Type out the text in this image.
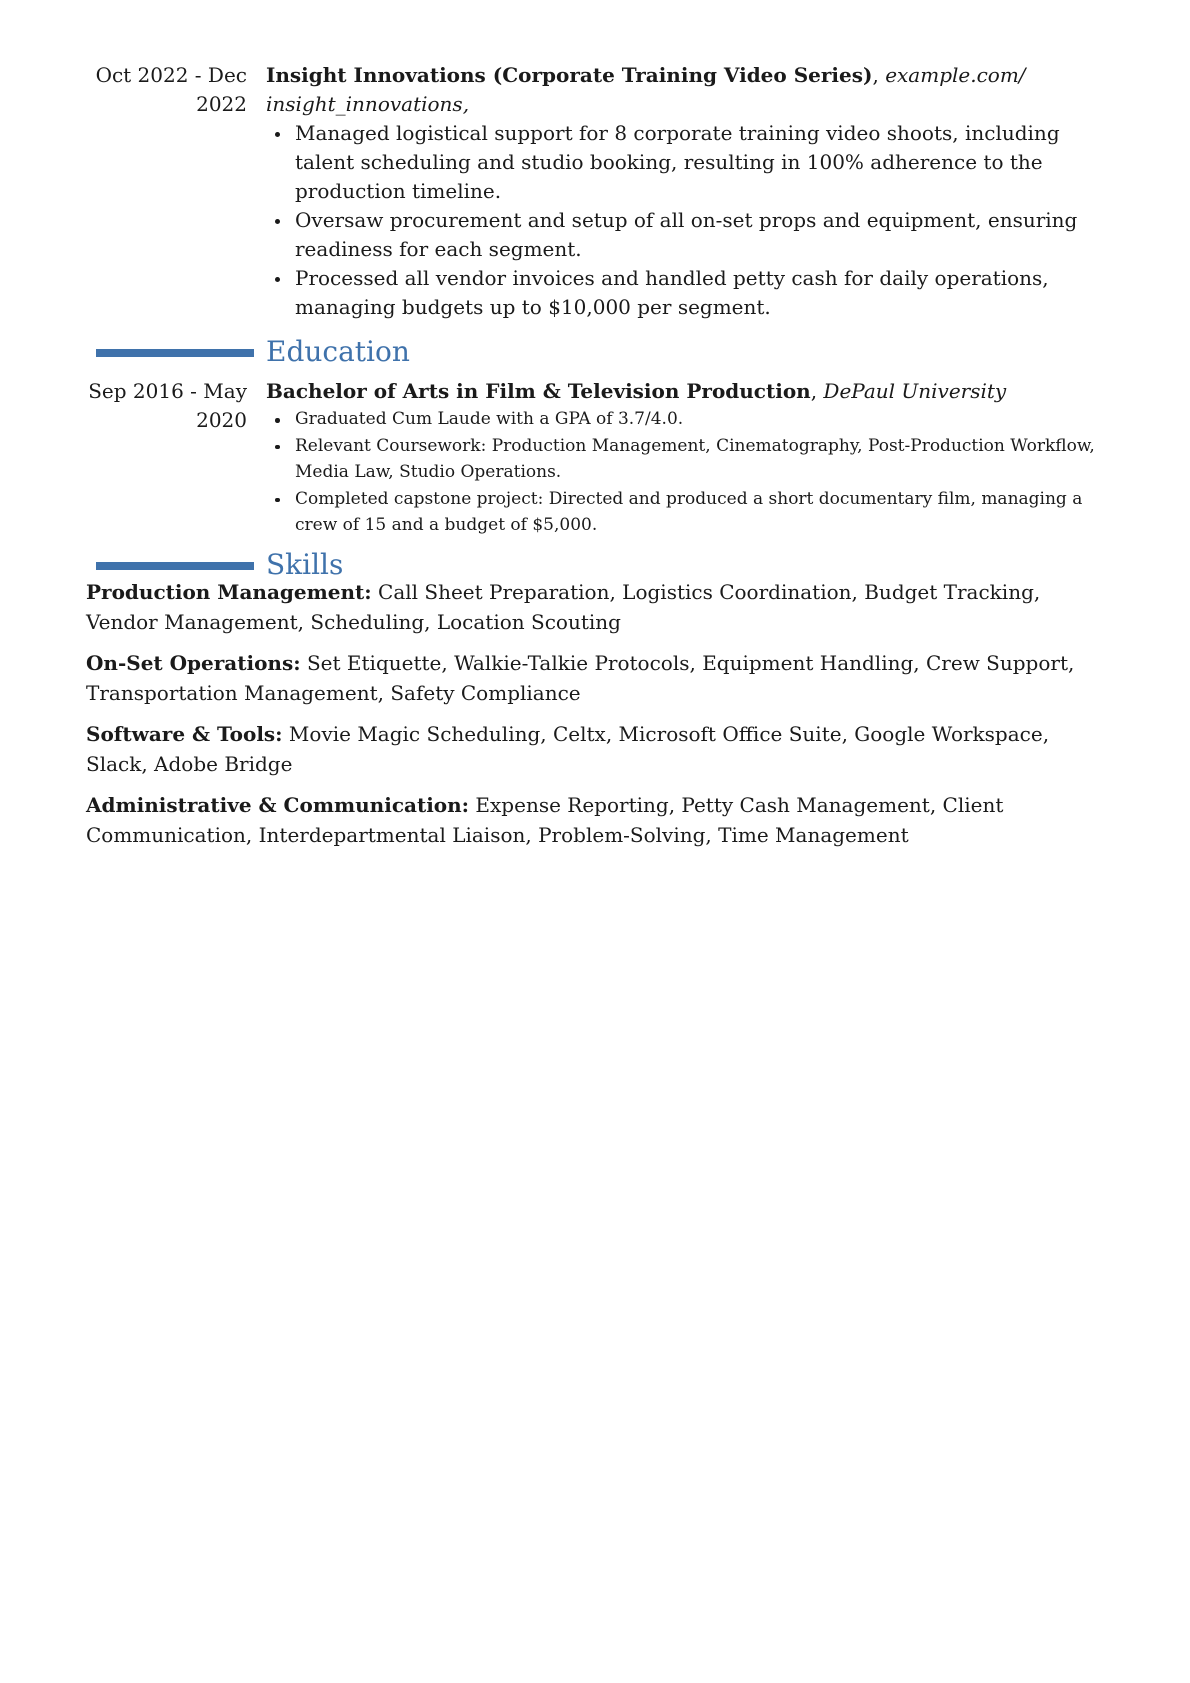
Oct 2022 - Dec 2022

Insight Innovations (Corporate Training Video Series), example.com/ insight_innovations,

Managed logistical support for 8 corporate training video shoots, including talent scheduling and studio booking, resulting in 100% adherence to the production timeline.
Oversaw procurement and setup of all on-set props and equipment, ensuring readiness for each segment.
Processed all vendor invoices and handled petty cash for daily operations, managing budgets up to $10,000 per segment.
Education
Sep 2016 - May 2020

Bachelor of Arts in Film & Television Production, DePaul University

Graduated Cum Laude with a GPA of 3.7/4.0.
Relevant Coursework: Production Management, Cinematography, Post-Production Workflow, Media Law, Studio Operations.
Completed capstone project: Directed and produced a short documentary film, managing a crew of 15 and a budget of $5,000.
Skills

Production Management: Call Sheet Preparation, Logistics Coordination, Budget Tracking, Vendor Management, Scheduling, Location Scouting

On-Set Operations: Set Etiquette, Walkie-Talkie Protocols, Equipment Handling, Crew Support, Transportation Management, Safety Compliance

Software & Tools: Movie Magic Scheduling, Celtx, Microsoft Office Suite, Google Workspace, Slack, Adobe Bridge

Administrative & Communication: Expense Reporting, Petty Cash Management, Client Communication, Interdepartmental Liaison, Problem-Solving, Time Management
